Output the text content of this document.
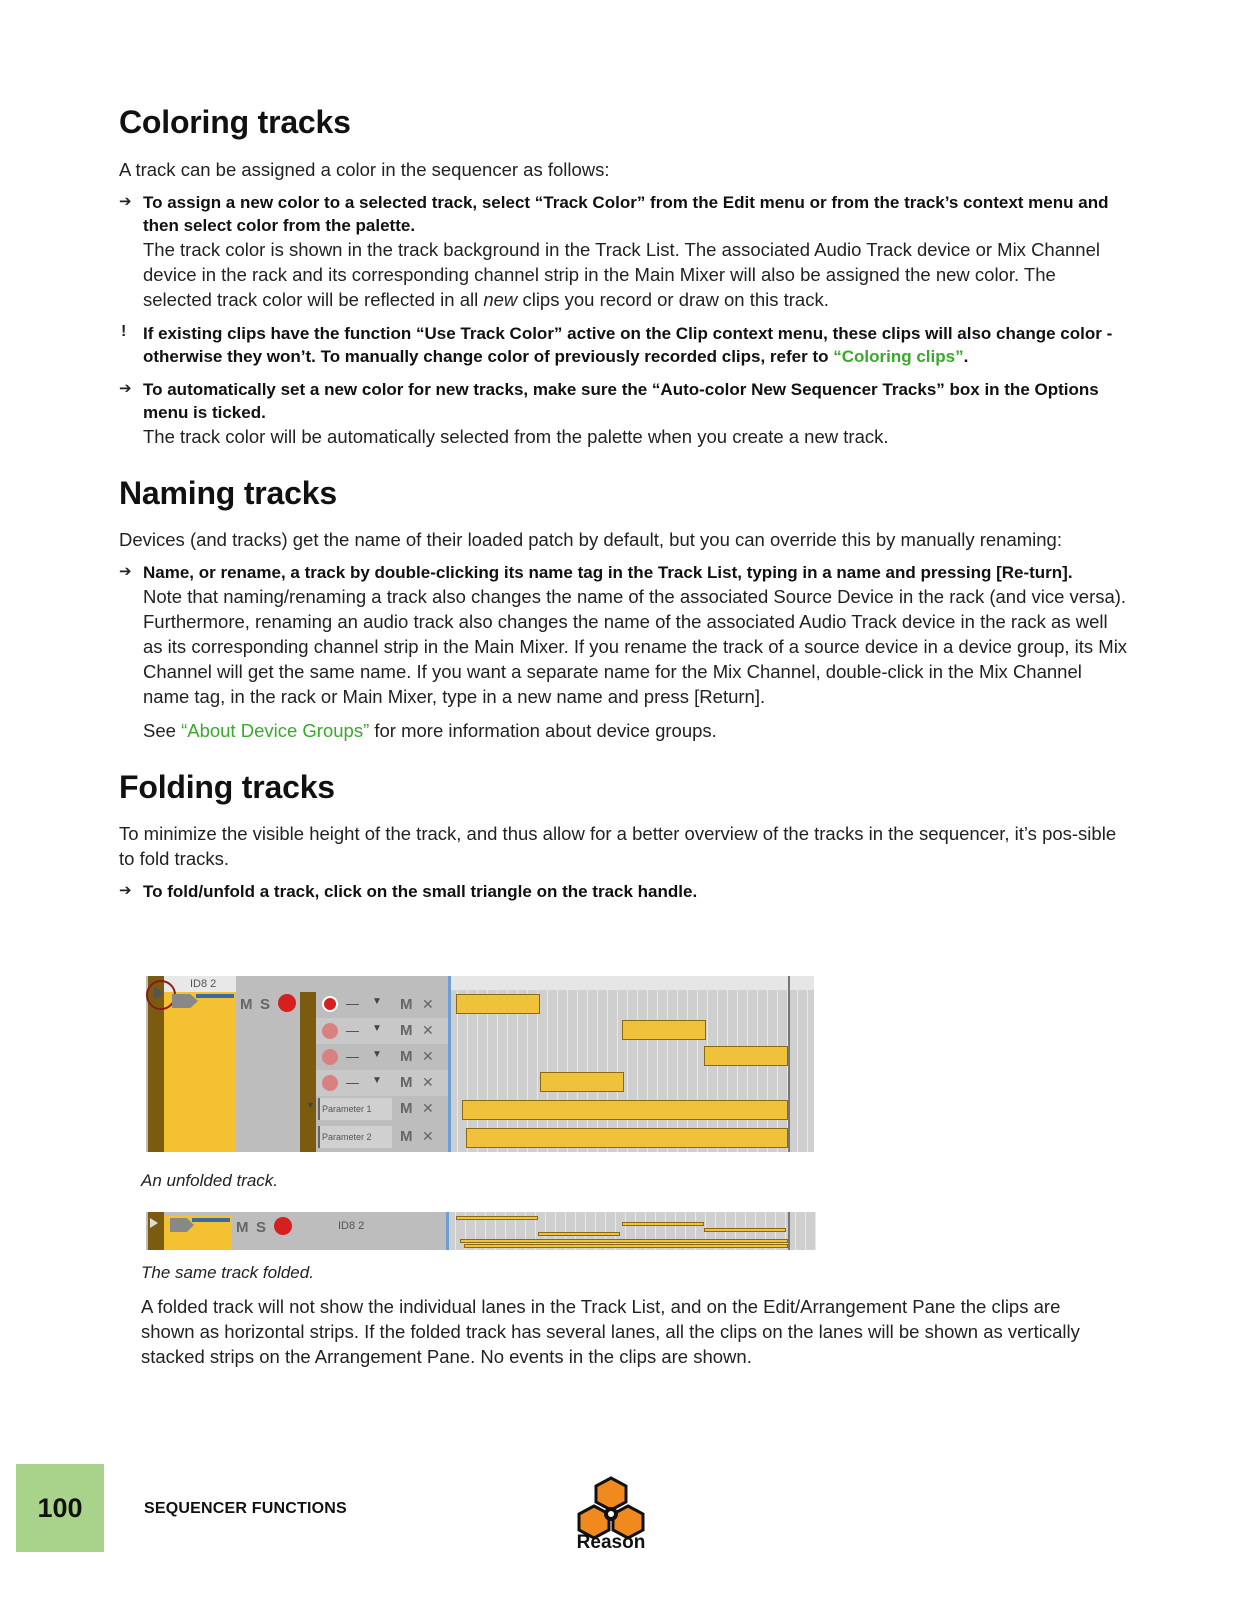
Coloring tracks

A track can be assigned a color in the sequencer as follows:

➔ To assign a new color to a selected track, select “Track Color” from the Edit menu or from the track’s context menu and then select color from the palette.
The track color is shown in the track background in the Track List. The associated Audio Track device or Mix Channel device in the rack and its corresponding channel strip in the Main Mixer will also be assigned the new color. The selected track color will be reflected in all new clips you record or draw on this track.
! If existing clips have the function “Use Track Color” active on the Clip context menu, these clips will also change color - otherwise they won’t. To manually change color of previously recorded clips, refer to “Coloring clips”.
➔ To automatically set a new color for new tracks, make sure the “Auto-color New Sequencer Tracks” box in the Options menu is ticked.
The track color will be automatically selected from the palette when you create a new track.
Naming tracks

Devices (and tracks) get the name of their loaded patch by default, but you can override this by manually renaming:

➔ Name, or rename, a track by double-clicking its name tag in the Track List, typing in a name and pressing [Re-turn].
Note that naming/renaming a track also changes the name of the associated Source Device in the rack (and vice versa). Furthermore, renaming an audio track also changes the name of the associated Audio Track device in the rack as well as its corresponding channel strip in the Main Mixer. If you rename the track of a source device in a device group, its Mix Channel will get the same name. If you want a separate name for the Mix Channel, double-click in the Mix Channel name tag, in the rack or Main Mixer, type in a new name and press [Return].
See “About Device Groups” for more information about device groups.
Folding tracks

To minimize the visible height of the track, and thus allow for a better overview of the tracks in the sequencer, it’s pos-sible to fold tracks.

➔ To fold/unfold a track, click on the small triangle on the track handle.
ID8 2
M S	— ▼ M ✕
— ▼ M ✕
— ▼ M ✕
— ▼ M ✕
▼ Parameter 1 M ✕
Parameter 2 M ✕
An unfolded track.
M S	ID8 2
The same track folded.

A folded track will not show the individual lanes in the Track List, and on the Edit/Arrangement Pane the clips are shown as horizontal strips. If the folded track has several lanes, all the clips on the lanes will be shown as vertically stacked strips on the Arrangement Pane. No events in the clips are shown.

100	SEQUENCER FUNCTIONS
Reason
